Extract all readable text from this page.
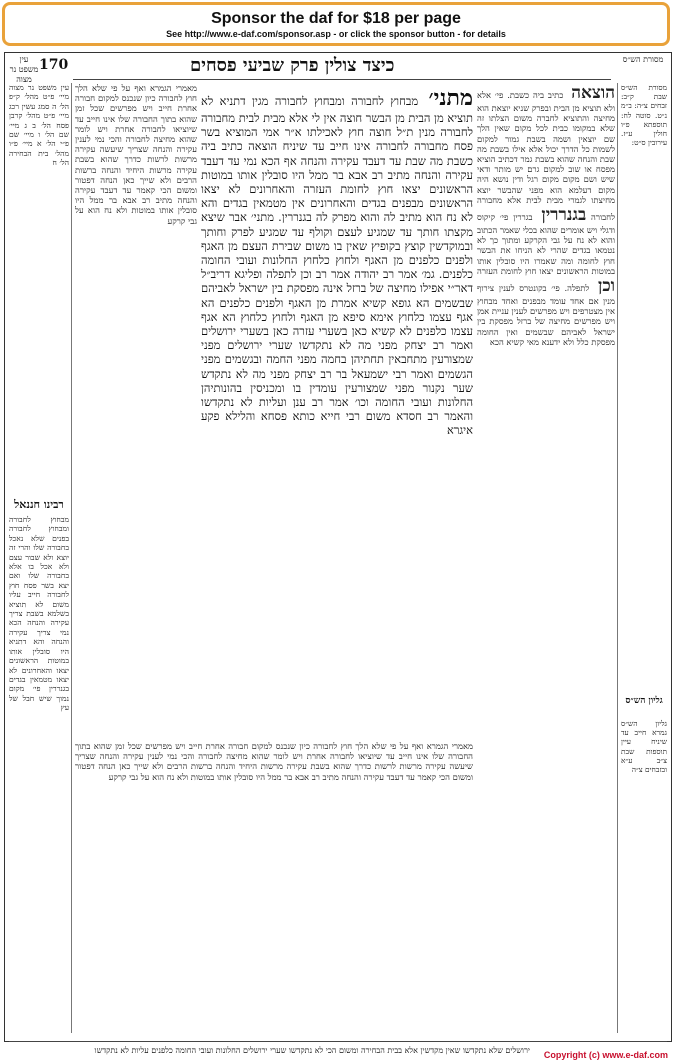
Sponsor the daf for $18 per page
See http://www.e-daf.com/sponsor.asp - or click the sponsor button - for details
170	כיצד צולין פרק שביעי פסחים
עין משפט נר מצוה
מסורת הש״ס
עין משפט נר מצוה מיי׳ פ״ט מהל׳ ק״פ הל׳ ה סמג עשין רכג מיי׳ פ״ט מהל׳ קרבן פסח הל׳ ב ג מיי׳ שם הל׳ ו מיי׳ שם פ״י הל׳ א מיי׳ פ״ו מהל׳ בית הבחירה הל׳ ח
רבינו חננאל
מבחוץ לחבורה ומבחוץ לחבורה בפנים שלא נאכל בחבורה שלו והרי זה יוצא ולא שבור עצם ולא אכל בו אלא בחבורה שלו ואם יצא בשר פסח חוץ לחבורה חייב עליו משום לא תוציא בשלמא בשבת צריך עקירה והנחה הכא נמי צריך עקירה והנחה והא דתניא היו סובלין אותו במוטות הראשונים יצאו והאחרונים לא יצאו מטמאין בגדים בגנררין פי׳ מקום נמוך שיש חבל של עץ
מאמרי הגמרא ואף על פי שלא הלך חוץ לחבורה כיון שנכנס למקום חבורה אחרת חייב ויש מפרשים שכל זמן שהוא בתוך החבורה שלו אינו חייב עד שיוציאו לחבורה אחרת ויש לומר שהוא מחיצה לחבורה והכי נמי לענין עקירה והנחה שצריך שיעשה עקירה מרשות לרשות כדרך שהוא בשבת עקירה מרשות היחיד והנחה ברשות הרבים ולא שייך כאן הנחה דפטור ומשום הכי קאמר עד דעבד עקירה והנחה מתיב רב אבא בר ממל היו סובלין אותו במוטות ולא נח הוא על גבי קרקע
מתני׳ מבחוץ לחבורה ומבחוץ לחבורה מגין דתניא לא תוציא מן הבית מן הבשר חוצה אין לי אלא מבית לבית מחבורה לחבורה מנין ת״ל חוצה חוץ לאכילתו א״ר אמי המוציא בשר פסח מחבורה לחבורה אינו חייב עד שיניח הוצאה כתיב ביה כשבת מה שבת עד דעבד עקירה והנחה אף הכא נמי עד דעבד עקירה והנחה מתיב רב אבא בר ממל היו סובלין אותו במוטות הראשונים יצאו חוץ לחומת העזרה והאחרונים לא יצאו הראשונים מבפנים בגדים והאחרונים אין מטמאין בגדים והא לא נח הוא מתיב לה והוא מפרק לה בגנררין. מתני׳ אבר שיצא מקצתו חותך עד שמגיע לעצם וקולף עד שמגיע לפרק וחותך ובמוקדשין קוצץ בקופיץ שאין בו משום שבירת העצם מן האגף ולפנים כלפנים מן האגף ולחוץ כלחוץ החלונות ועובי החומה כלפנים. גמ׳ אמר רב יהודה אמר רב וכן לתפלה ופליגא דריב״ל דאר״י אפילו מחיצה של ברזל אינה מפסקת בין ישראל לאביהם שבשמים הא גופא קשיא אמרת מן האגף ולפנים כלפנים הא אגף עצמו כלחוץ אימא סיפא מן האגף ולחוץ כלחוץ הא אגף עצמו כלפנים לא קשיא כאן בשערי עזרה כאן בשערי ירושלים ואמר רב יצחק מפני מה לא נתקדשו שערי ירושלים מפני שמצורעין מתחבאין תחתיהן בחמה מפני החמה ובגשמים מפני הגשמים ואמר רבי ישמעאל בר רב יצחק מפני מה לא נתקדש שער נקנור מפני שמצורעין עומדין בו ומכניסין בהונותיהן החלונות ועובי החומה וכו׳ אמר רב ענן ועליות לא נתקדשו והאמר רב חסדא משום רבי חייא כותא פסחא והלילא פקע איגרא
הוצאה כתיב ביה כשבת. פי׳ אלא ולא תוציא מן הבית ובפרק שניא יוצאת הוא מחיצה והתוציא לחברה משום הצלתו זה שלא במקומו כבית לכל מקום שאין הלך שם יוצאין ושמה בשבת גמור למקום לשמות כל הדרך יכול אלא אילו בשבת מה שבת והנחה שהוא בשבת גמר דכתיב הוציא מפסח או שוב למקום גרם יש מותר ודאי שיש ושם מקום מקום רגל ודין נושא היה מקום דעלמא הוא מפני שהבשר יוצא מחיצתו לגמרי מבית לבית אלא מחבורה לחבורה בגנררין בגררין פי׳ קיקוס ודגלי ויש אומרים שהוא בכלי שאמר הכתוב והוא לא נח על גבי הקרקע ומתוך כך לא נטמאו בגדים שהרי לא הניחו את הבשר חוץ לחומה ומה שאמרו היו סובלין אותו במוטות הראשונים יצאו חוץ לחומת העזרה וכן לתפלה. פי׳ בקונטרס לענין צירוף מנין אם אחד עומד מבפנים ואחד מבחוץ אין מצטרפים ויש מפרשים לענין עניית אמן ויש מפרשים מחיצה של ברזל מפסקת בין ישראל לאביהם שבשמים ואין החומה מפסקת כלל ולא ידענא מאי קשיא הכא
מאמרי הגמרא ואף על פי שלא הלך חוץ לחבורה כיון שנכנס למקום חבורה אחרת חייב ויש מפרשים שכל זמן שהוא בתוך החבורה שלו אינו חייב עד שיוציאו לחבורה אחרת ויש לומר שהוא מחיצה לחבורה והכי נמי לענין עקירה והנחה שצריך שיעשה עקירה מרשות לרשות כדרך שהוא בשבת עקירה מרשות היחיד והנחה ברשות הרבים ולא שייך כאן הנחה דפטור ומשום הכי קאמר עד דעבד עקירה והנחה מתיב רב אבא בר ממל היו סובלין אותו במוטות ולא נח הוא על גבי קרקע
מסורת הש״ס שבת ק״ב: זבחים צ״ה: ב״מ נ״ט. סוטה לח: תוספתא פ״ו חולין ע״ז. עירובין ס״ט:
גליון הש״ס
גליון הש״ס גמרא חייב עד שיניח עיין תוספות שבת צ״ב ע״א ובזבחים צ״ה
ירושלים שלא נתקדשו שאין מקדשין אלא בבית הבחירה ומשום הכי לא נתקדשו שערי ירושלים החלונות ועובי החומה כלפנים עליות לא נתקדשו Copyright (c) www.e-daf.com
